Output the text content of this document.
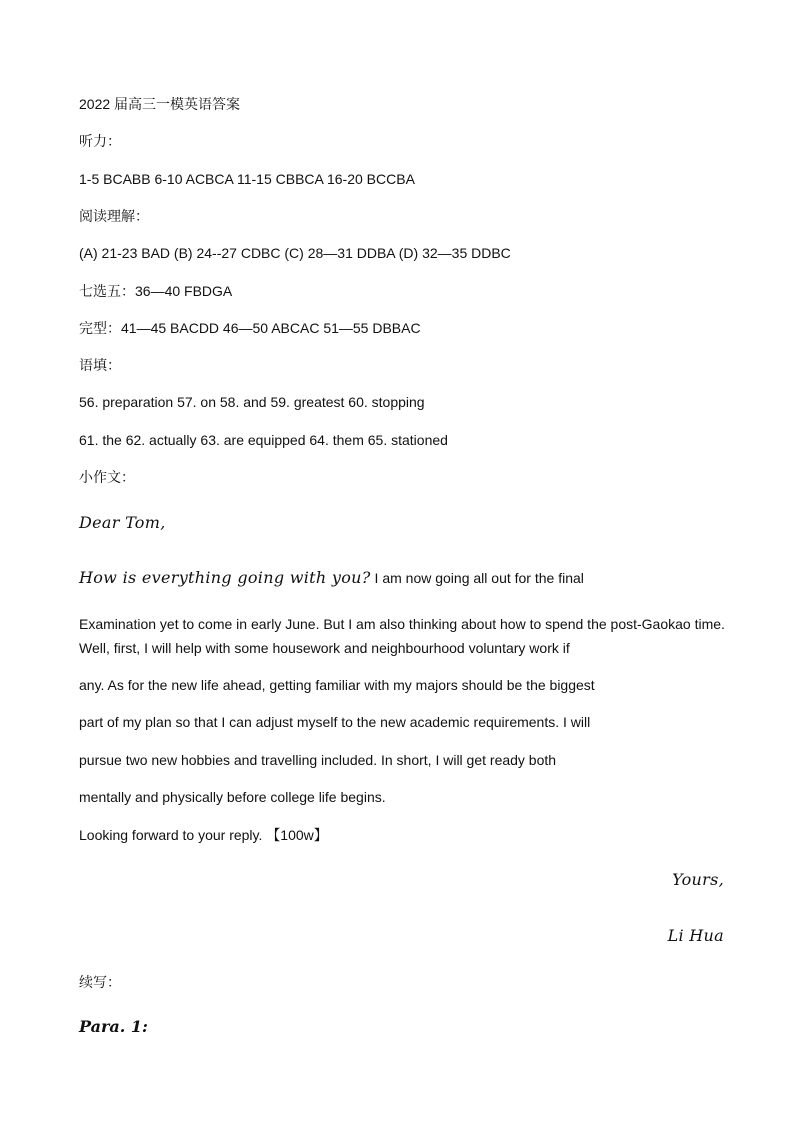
2022 届高三一模英语答案
听力：
1-5 BCABB 6-10 ACBCA 11-15 CBBCA 16-20 BCCBA
阅读理解：
(A) 21-23 BAD (B) 24--27 CDBC (C) 28—31 DDBA (D) 32—35 DDBC
七选五：36—40 FBDGA
完型：41—45 BACDD 46—50 ABCAC 51—55 DBBAC
语填：
56. preparation 57. on 58. and 59. greatest 60. stopping
61. the 62. actually 63. are equipped 64. them 65. stationed
小作文：
Dear Tom,
How is everything going with you? I am now going all out for the final
Examination yet to come in early June. But I am also thinking about how to spend the post-Gaokao time. Well, first, I will help with some housework and neighbourhood voluntary work if
any. As for the new life ahead, getting familiar with my majors should be the biggest
part of my plan so that I can adjust myself to the new academic requirements. I will
pursue two new hobbies and travelling included. In short, I will get ready both
mentally and physically before college life begins.
Looking forward to your reply. 【100w】
Yours,
Li Hua
续写：
Para. 1:
